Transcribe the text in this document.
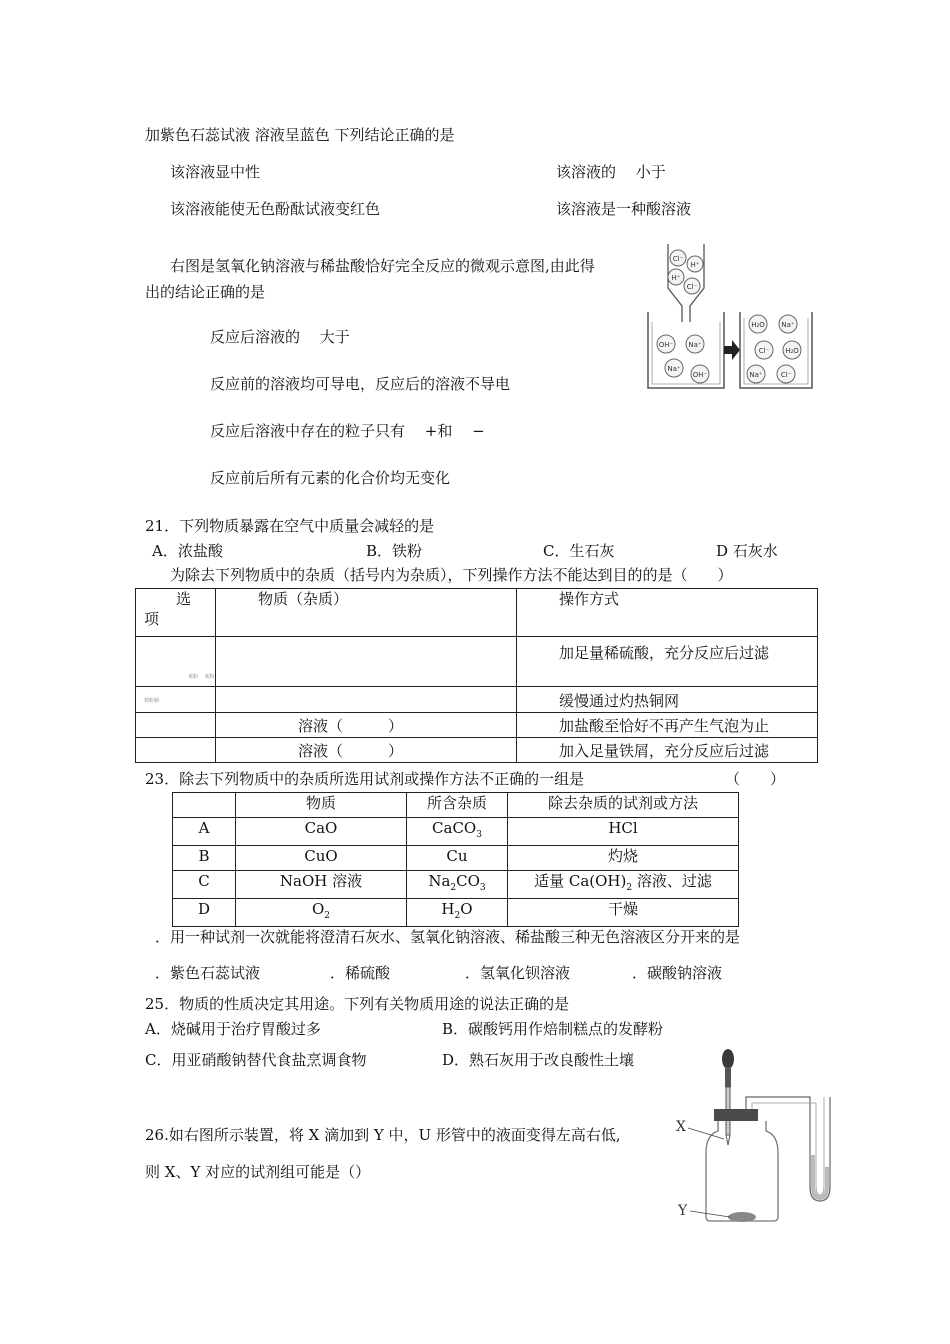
加紫色石蕊试液 溶液呈蓝色 下列结论正确的是
该溶液显中性	该溶液的　 小于
该溶液能使无色酚酞试液变红色	该溶液是一种酸溶液
右图是氢氧化钠溶液与稀盐酸恰好完全反应的微观示意图,由此得
出的结论正确的是
反应后溶液的　 大于
反应前的溶液均可导电，反应后的溶液不导电
反应后溶液中存在的粒子只有　 +和　 −
反应前后所有元素的化合价均无变化
Cl⁻
H⁺
H⁺
Cl⁻
OH⁻ Na⁺
Na⁺
OH⁻
H₂O Na⁺
Cl⁻ H₂O
Na⁺	Cl⁻
21．下列物质暴露在空气中质量会减轻的是
A．浓盐酸	B．铁粉	C．生石灰	D 石灰水
为除去下列物质中的杂质（括号内为杂质），下列操作方法不能达到目的的是（　　）
选
项	物质（杂质）	操作方式

苯粉　 灰粉		加足量稀硫酸，充分反应后过滤

铁粉钠		缓慢通过灼热铜网
	溶液（　　　）	加盐酸至恰好不再产生气泡为止
	溶液（　　　）	加入足量铁屑，充分反应后过滤
23．除去下列物质中的杂质所选用试剂或操作方法不正确的一组是	（　　）
	物质	所含杂质	除去杂质的试剂或方法
A	CaO	CaCO$_3$	HCl
B	CuO	Cu	灼烧
C	NaOH 溶液	$Na_2CO_3$	适量 $Ca(OH)_2$ 溶液、过滤
D	$O_2$	$H_2O$	干燥
．用一种试剂一次就能将澄清石灰水、氢氧化钠溶液、稀盐酸三种无色溶液区分开来的是
．紫色石蕊试液	．稀硫酸	．氢氧化钡溶液	．碳酸钠溶液
25．物质的性质决定其用途。下列有关物质用途的说法正确的是
A．烧碱用于治疗胃酸过多	B．碳酸钙用作焙制糕点的发酵粉
C．用亚硝酸钠替代食盐烹调食物	D．熟石灰用于改良酸性土壤
26.如右图所示装置，将 X 滴加到 Y 中，U 形管中的液面变得左高右低,
则 X、Y 对应的试剂组可能是（）
X
Y
